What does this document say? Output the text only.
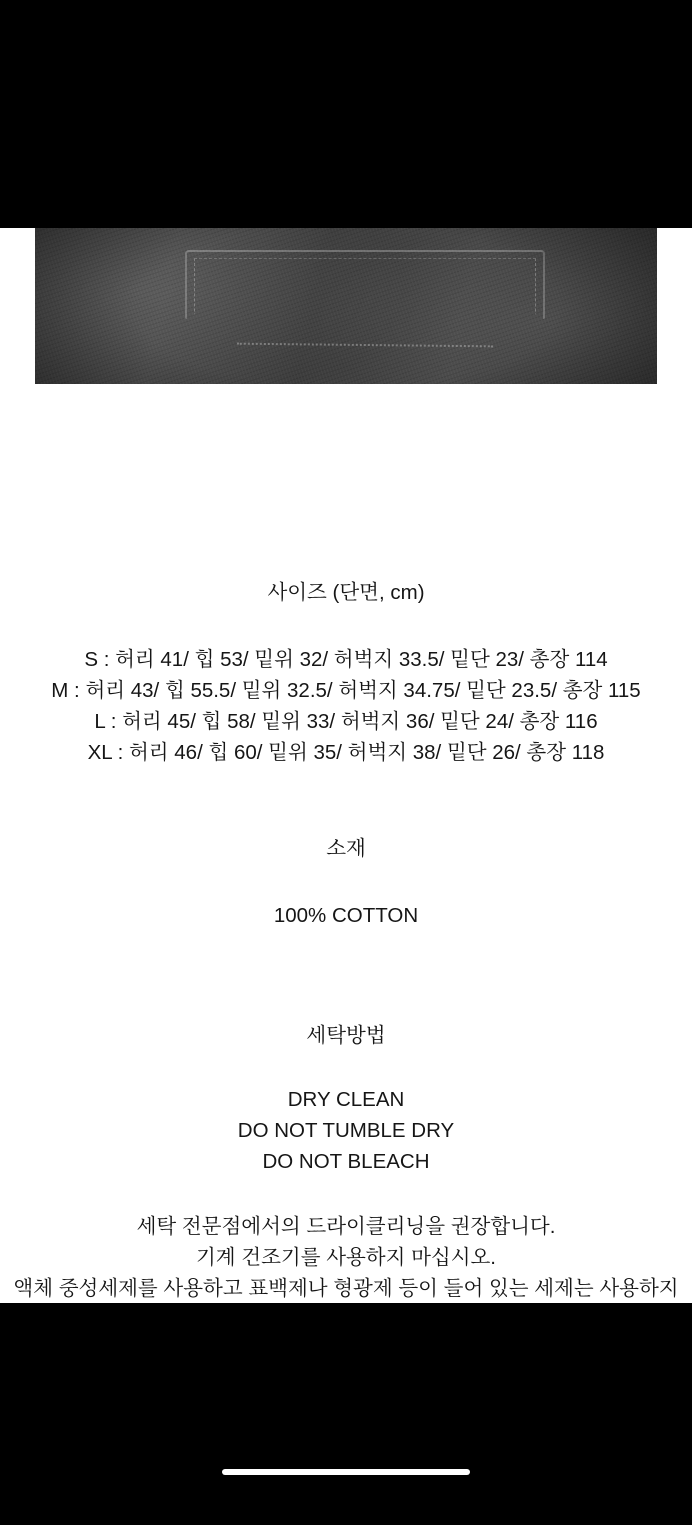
사이즈 (단면, cm)
S : 허리 41/ 힙 53/ 밑위 32/ 허벅지 33.5/ 밑단 23/ 총장 114
M : 허리 43/ 힙 55.5/ 밑위 32.5/ 허벅지 34.75/ 밑단 23.5/ 총장 115
L : 허리 45/ 힙 58/ 밑위 33/ 허벅지 36/ 밑단 24/ 총장 116
XL : 허리 46/ 힙 60/ 밑위 35/ 허벅지 38/ 밑단 26/ 총장 118
소재
100% COTTON
세탁방법
DRY CLEAN
DO NOT TUMBLE DRY
DO NOT BLEACH
세탁 전문점에서의 드라이클리닝을 권장합니다.
기계 건조기를 사용하지 마십시오.
액체 중성세제를 사용하고 표백제나 형광제 등이 들어 있는 세제는 사용하지
